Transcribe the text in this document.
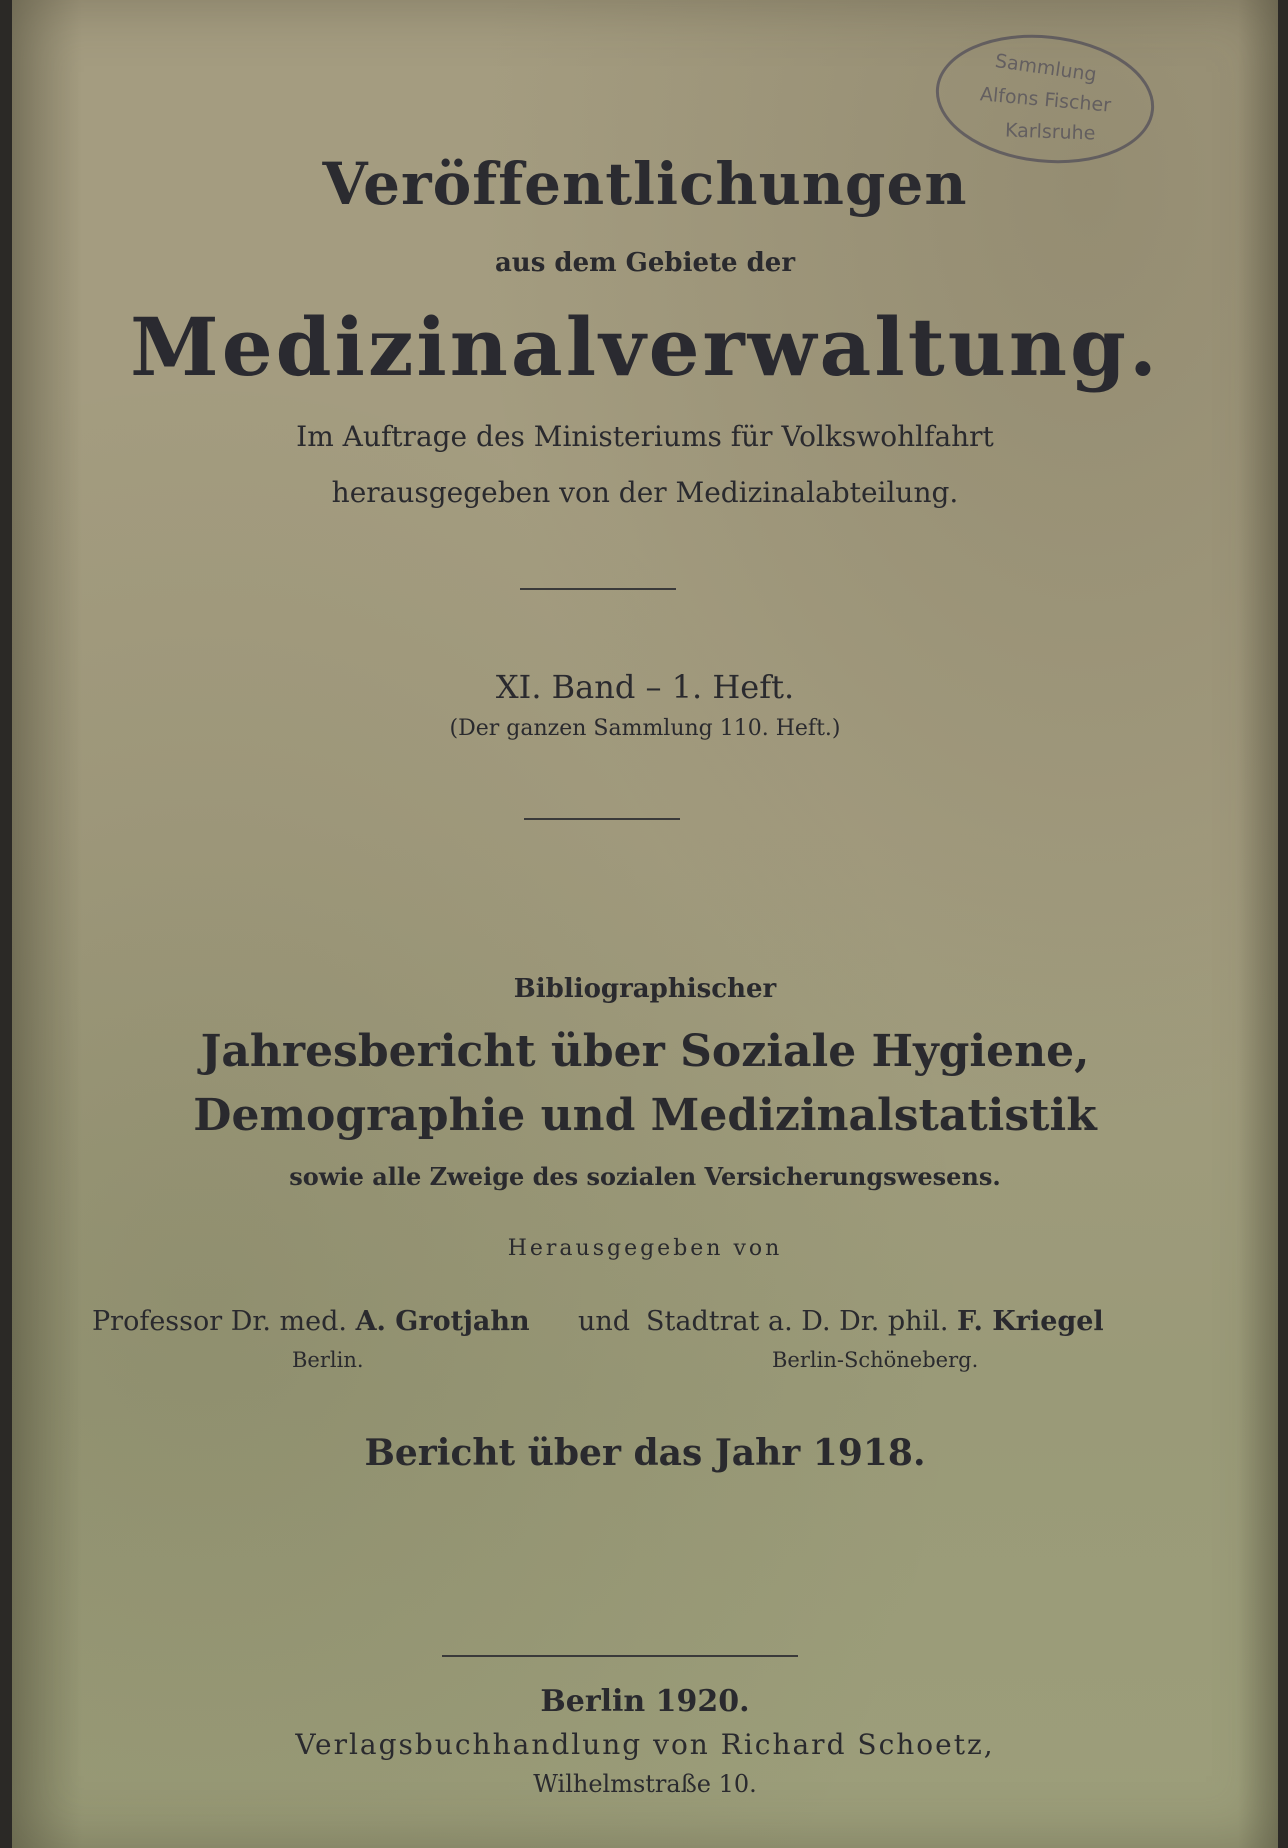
Sammlung
Alfons Fischer
Karlsruhe
Veröffentlichungen
aus dem Gebiete der
Medizinalverwaltung.
Im Auftrage des Ministeriums für Volkswohlfahrt
herausgegeben von der Medizinalabteilung.
XI. Band – 1. Heft.
(Der ganzen Sammlung 110. Heft.)
Bibliographischer
Jahresbericht über Soziale Hygiene,
Demographie und Medizinalstatistik
sowie alle Zweige des sozialen Versicherungswesens.
Herausgegeben von
Professor Dr. med. A. Grotjahn und Stadtrat a. D. Dr. phil. F. Kriegel
Berlin.	Berlin-Schöneberg.
Bericht über das Jahr 1918.
Berlin 1920.
Verlagsbuchhandlung von Richard Schoetz,
Wilhelmstraße 10.
